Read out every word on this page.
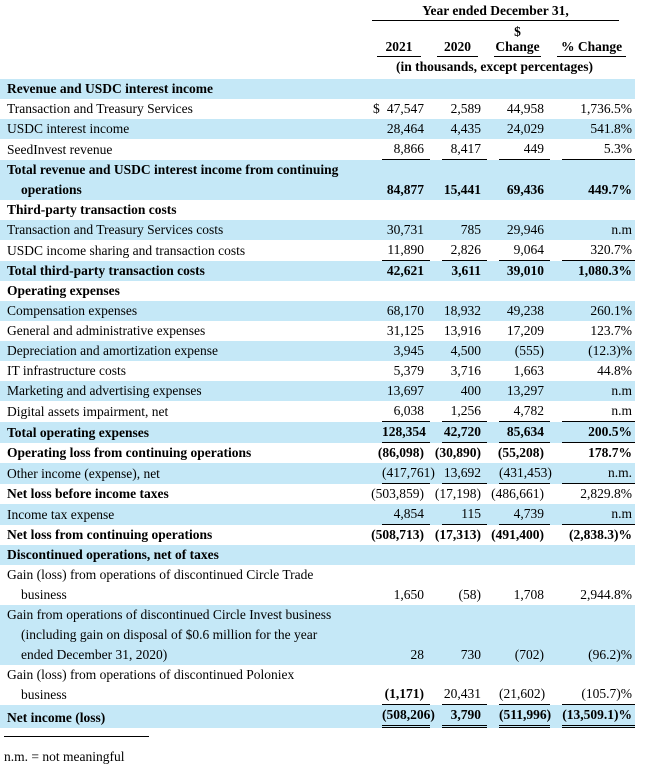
	Year ended December 31,			

	2021	2020	$ Change	% Change

	(in thousands, except percentages)			

Revenue and USDC interest income				

Transaction and Treasury Services	$ 47,547	2,589	44,958	1,736.5%

USDC interest income	28,464	4,435	24,029	541.8%

SeedInvest revenue	8,866	8,417	449	5.3%

Total revenue and USDC interest income from continuing
operations	84,877	15,441	69,436	449.7%

Third-party transaction costs				

Transaction and Treasury Services costs	30,731	785	29,946	n.m

USDC income sharing and transaction costs	11,890	2,826	9,064	320.7%

Total third-party transaction costs	42,621	3,611	39,010	1,080.3%

Operating expenses				

Compensation expenses	68,170	18,932	49,238	260.1%

General and administrative expenses	31,125	13,916	17,209	123.7%

Depreciation and amortization expense	3,945	4,500	(555)	(12.3)%

IT infrastructure costs	5,379	3,716	1,663	44.8%

Marketing and advertising expenses	13,697	400	13,297	n.m

Digital assets impairment, net	6,038	1,256	4,782	n.m

Total operating expenses	128,354	42,720	85,634	200.5%

Operating loss from continuing operations	(86,098)	(30,890)	(55,208)	178.7%

Other income (expense), net	(417,761)	13,692	(431,453)	n.m.

Net loss before income taxes	(503,859)	(17,198)	(486,661)	2,829.8%

Income tax expense	4,854	115	4,739	n.m

Net loss from continuing operations	(508,713)	(17,313)	(491,400)	(2,838.3)%

Discontinued operations, net of taxes				

Gain (loss) from operations of discontinued Circle Trade
business	1,650	(58)	1,708	2,944.8%

Gain from operations of discontinued Circle Invest business
(including gain on disposal of $0.6 million for the year
ended December 31, 2020)	28	730	(702)	(96.2)%

Gain (loss) from operations of discontinued Poloniex
business	(1,171)	20,431	(21,602)	(105.7)%

Net income (loss)	(508,206)	3,790	(511,996)	(13,509.1)%
n.m. = not meaningful
